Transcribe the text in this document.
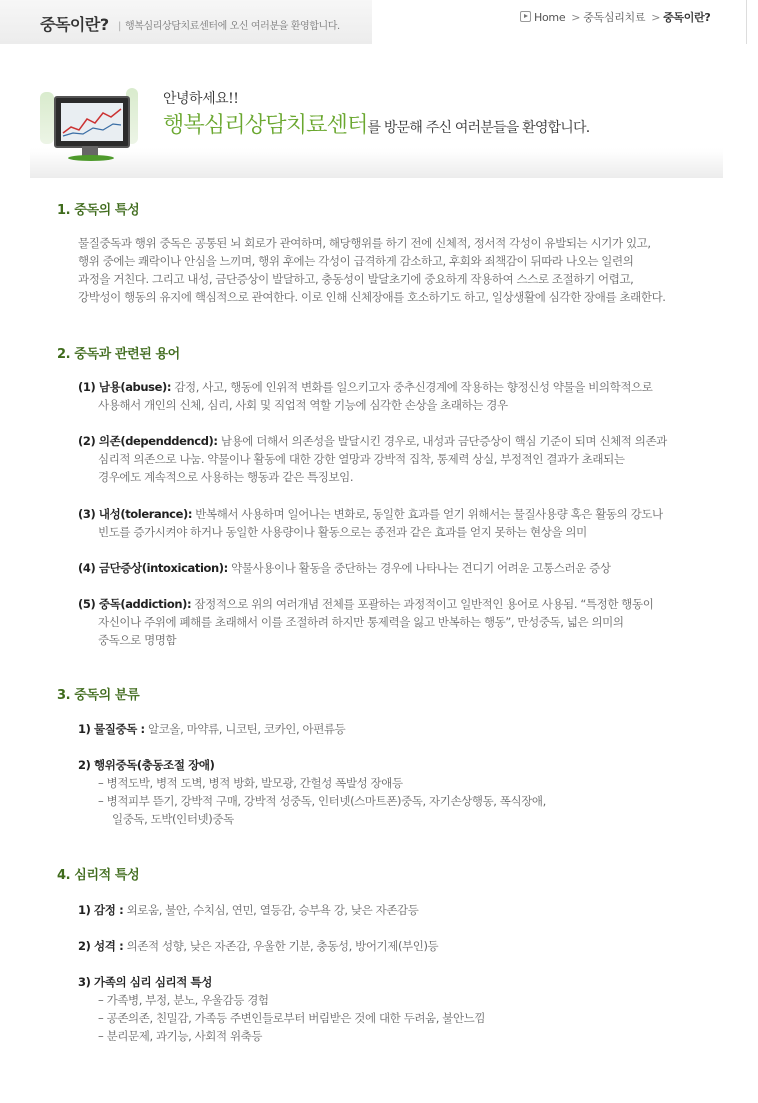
중독이란?
|	행복심리상담치료센터에 오신 여러분을 환영합니다.
Home > 중독심리치료 > 중독이란?
안녕하세요!!
행복심리상담치료센터를 방문해 주신 여러분들을 환영합니다.
1. 중독의 특성
물질중독과 행위 중독은 공통된 뇌 회로가 관여하며, 해당행위를 하기 전에 신체적, 정서적 각성이 유발되는 시기가 있고,
행위 중에는 쾌락이나 안심을 느끼며, 행위 후에는 각성이 급격하게 감소하고, 후회와 죄책감이 뒤따라 나오는 일련의
과정을 거친다. 그리고 내성, 금단증상이 발달하고, 충동성이 발달초기에 중요하게 작용하여 스스로 조절하기 어렵고,
강박성이 행동의 유지에 핵심적으로 관여한다. 이로 인해 신체장애를 호소하기도 하고, 일상생활에 심각한 장애를 초래한다.
2. 중독과 관련된 용어
(1) 남용(abuse): 감정, 사고, 행동에 인위적 변화를 일으키고자 중추신경계에 작용하는 향정신성 약물을 비의학적으로
사용해서 개인의 신체, 심리, 사회 및 직업적 역할 기능에 심각한 손상을 초래하는 경우
(2) 의존(dependdencd): 남용에 더해서 의존성을 발달시킨 경우로, 내성과 금단증상이 핵심 기준이 되며 신체적 의존과
심리적 의존으로 나눔. 약물이나 활동에 대한 강한 열망과 강박적 집착, 통제력 상실, 부정적인 결과가 초래되는
경우에도 계속적으로 사용하는 행동과 같은 특징보임.
(3) 내성(tolerance): 반복해서 사용하며 일어나는 변화로, 동일한 효과를 얻기 위해서는 물질사용량 혹은 활동의 강도나
빈도를 증가시켜야 하거나 동일한 사용량이나 활동으로는 종전과 같은 효과를 얻지 못하는 현상을 의미
(4) 금단증상(intoxication): 약물사용이나 활동을 중단하는 경우에 나타나는 견디기 어려운 고통스러운 증상
(5) 중독(addiction): 잠정적으로 위의 여러개념 전체를 포괄하는 과정적이고 일반적인 용어로 사용됨. “특정한 행동이
자신이나 주위에 폐해를 초래해서 이를 조절하려 하지만 통제력을 잃고 반복하는 행동”, 만성중독, 넓은 의미의
중독으로 명명함
3. 중독의 분류
1) 물질중독 : 알코올, 마약류, 니코틴, 코카인, 아편류등
2) 행위중독(충동조절 장애)
– 병적도박, 병적 도벽, 병적 방화, 발모광, 간헐성 폭발성 장애등
– 병적피부 뜯기, 강박적 구매, 강박적 성중독, 인터넷(스마트폰)중독, 자기손상행동, 폭식장애,
일중독, 도박(인터넷)중독
4. 심리적 특성
1) 감정 : 외로움, 불안, 수치심, 연민, 열등감, 승부욕 강, 낮은 자존감등
2) 성격 : 의존적 성향, 낮은 자존감, 우울한 기분, 충동성, 방어기제(부인)등
3) 가족의 심리 심리적 특성
– 가족병, 부정, 분노, 우울감등 경험
– 공존의존, 친밀감, 가족등 주변인들로부터 버림받은 것에 대한 두려움, 불안느낌
– 분리문제, 과기능, 사회적 위축등
